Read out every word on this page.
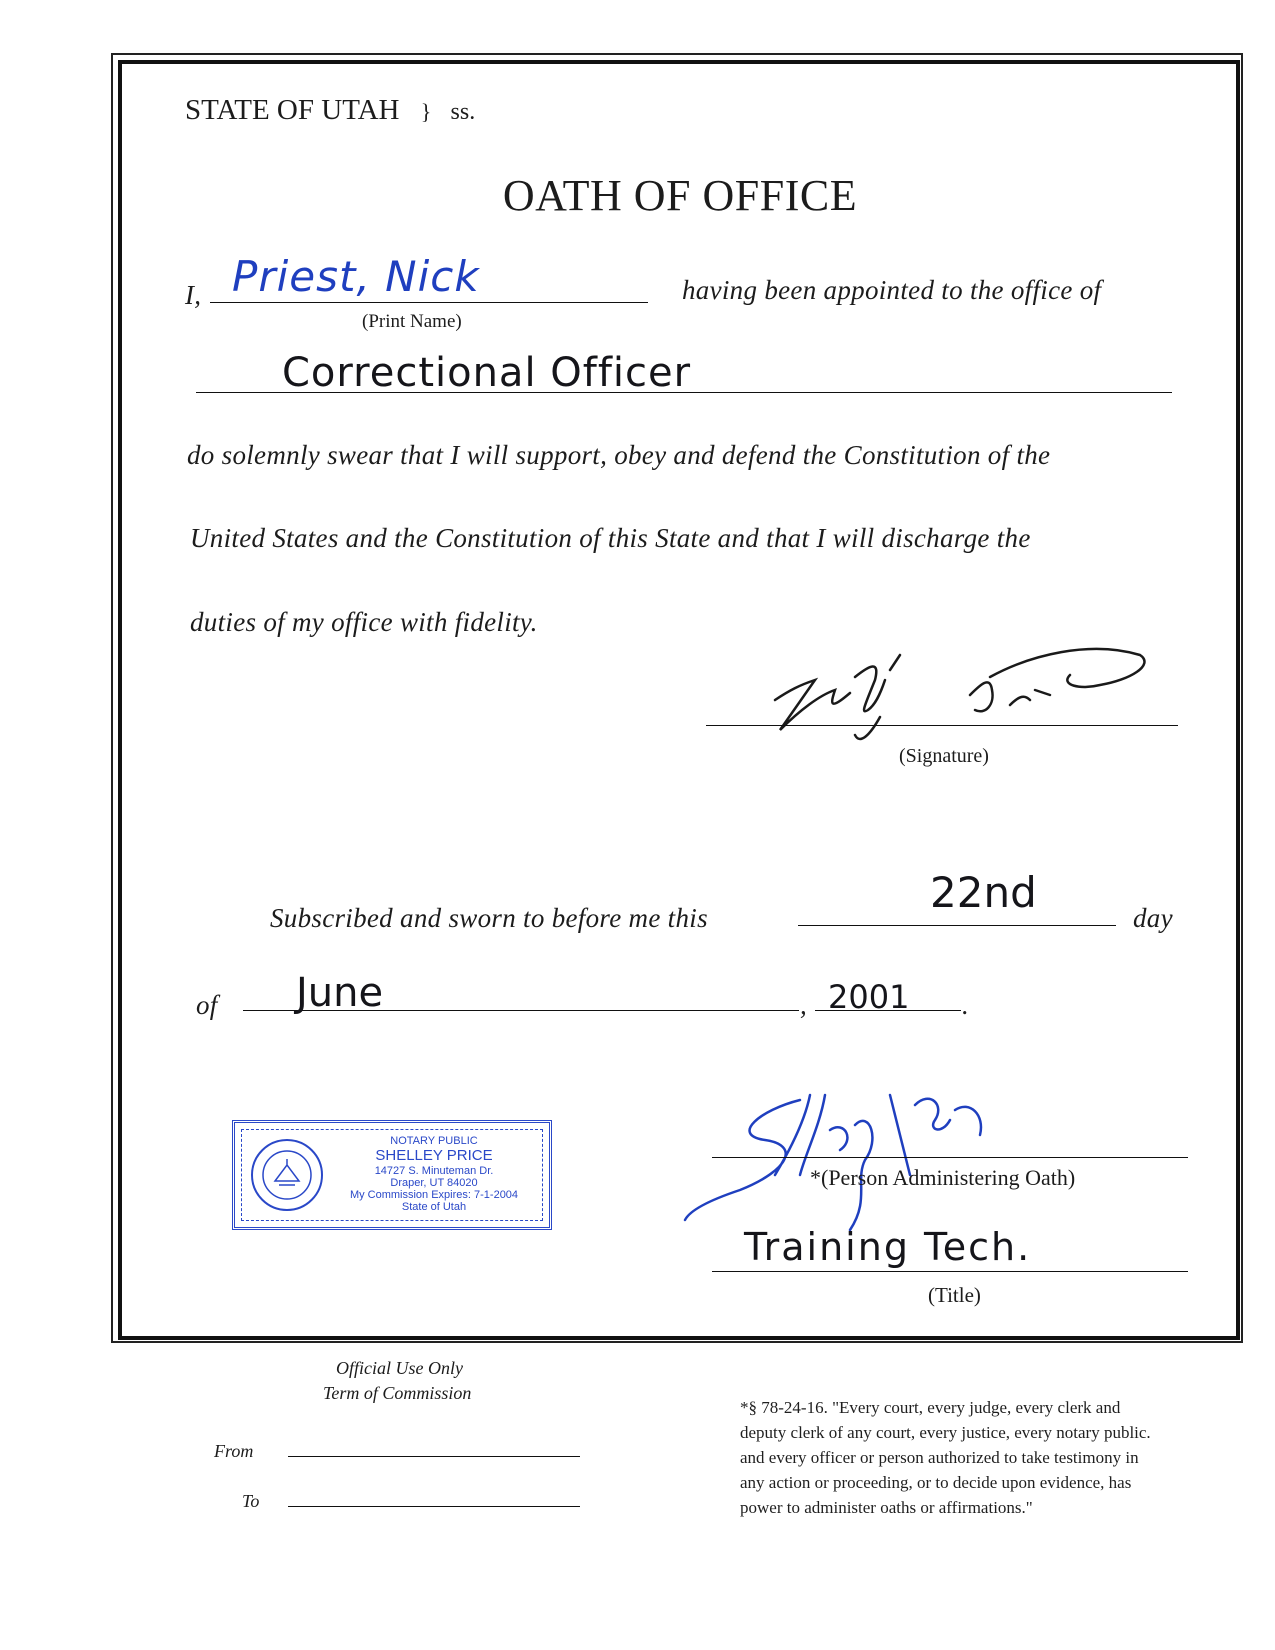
STATE OF UTAH } ss.
OATH OF OFFICE
I, Priest, Nick
(Print Name)
having been appointed to the office of
Correctional Officer
do solemnly swear that I will support, obey and defend the Constitution of the
United States and the Constitution of this State and that I will discharge the
duties of my office with fidelity.
(Signature)
Subscribed and sworn to before me this
22nd
day
of June	, 2001 .
NOTARY PUBLIC
SHELLEY PRICE
14727 S. Minuteman Dr.
Draper, UT 84020
My Commission Expires: 7-1-2004
State of Utah
*(Person Administering Oath)
Training Tech.
(Title)
Official Use Only
Term of Commission
From
To
*§ 78-24-16. "Every court, every judge, every clerk and
deputy clerk of any court, every justice, every notary public.
and every officer or person authorized to take testimony in
any action or proceeding, or to decide upon evidence, has
power to administer oaths or affirmations."
